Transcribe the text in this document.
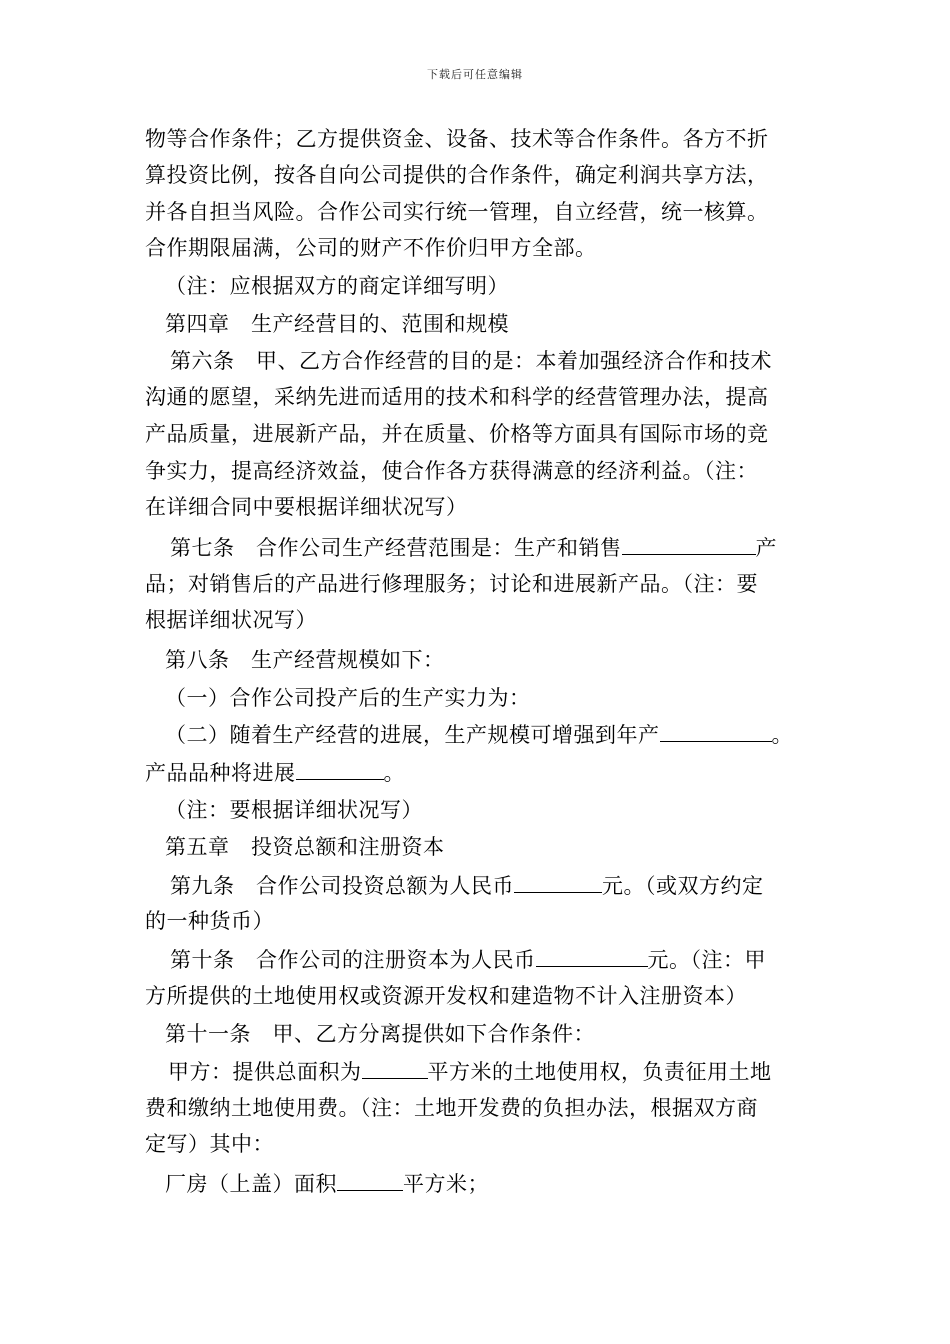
下载后可任意编辑
物等合作条件；乙方提供资金、设备、技术等合作条件。各方不折
算投资比例，按各自向公司提供的合作条件，确定利润共享方法，
并各自担当风险。合作公司实行统一管理，自立经营，统一核算。
合作期限届满，公司的财产不作价归甲方全部。
（注：应根据双方的商定详细写明）
第四章　生产经营目的、范围和规模
第六条　甲、乙方合作经营的目的是：本着加强经济合作和技术
沟通的愿望，采纳先进而适用的技术和科学的经营管理办法，提高
产品质量，进展新产品，并在质量、价格等方面具有国际市场的竞
争实力，提高经济效益，使合作各方获得满意的经济利益。（注：
在详细合同中要根据详细状况写）
第七条　合作公司生产经营范围是：生产和销售	产
品；对销售后的产品进行修理服务；讨论和进展新产品。（注：要
根据详细状况写）
第八条　生产经营规模如下：
（一）合作公司投产后的生产实力为：
（二）随着生产经营的进展，生产规模可增强到年产	。
产品品种将进展	。
（注：要根据详细状况写）
第五章　投资总额和注册资本
第九条　合作公司投资总额为人民币	元。（或双方约定
的一种货币）
第十条　合作公司的注册资本为人民币	元。（注：甲
方所提供的土地使用权或资源开发权和建造物不计入注册资本）
第十一条　甲、乙方分离提供如下合作条件：
甲方：提供总面积为	平方米的土地使用权，负责征用土地
费和缴纳土地使用费。（注：土地开发费的负担办法，根据双方商
定写）其中：
厂房（上盖）面积	平方米；
